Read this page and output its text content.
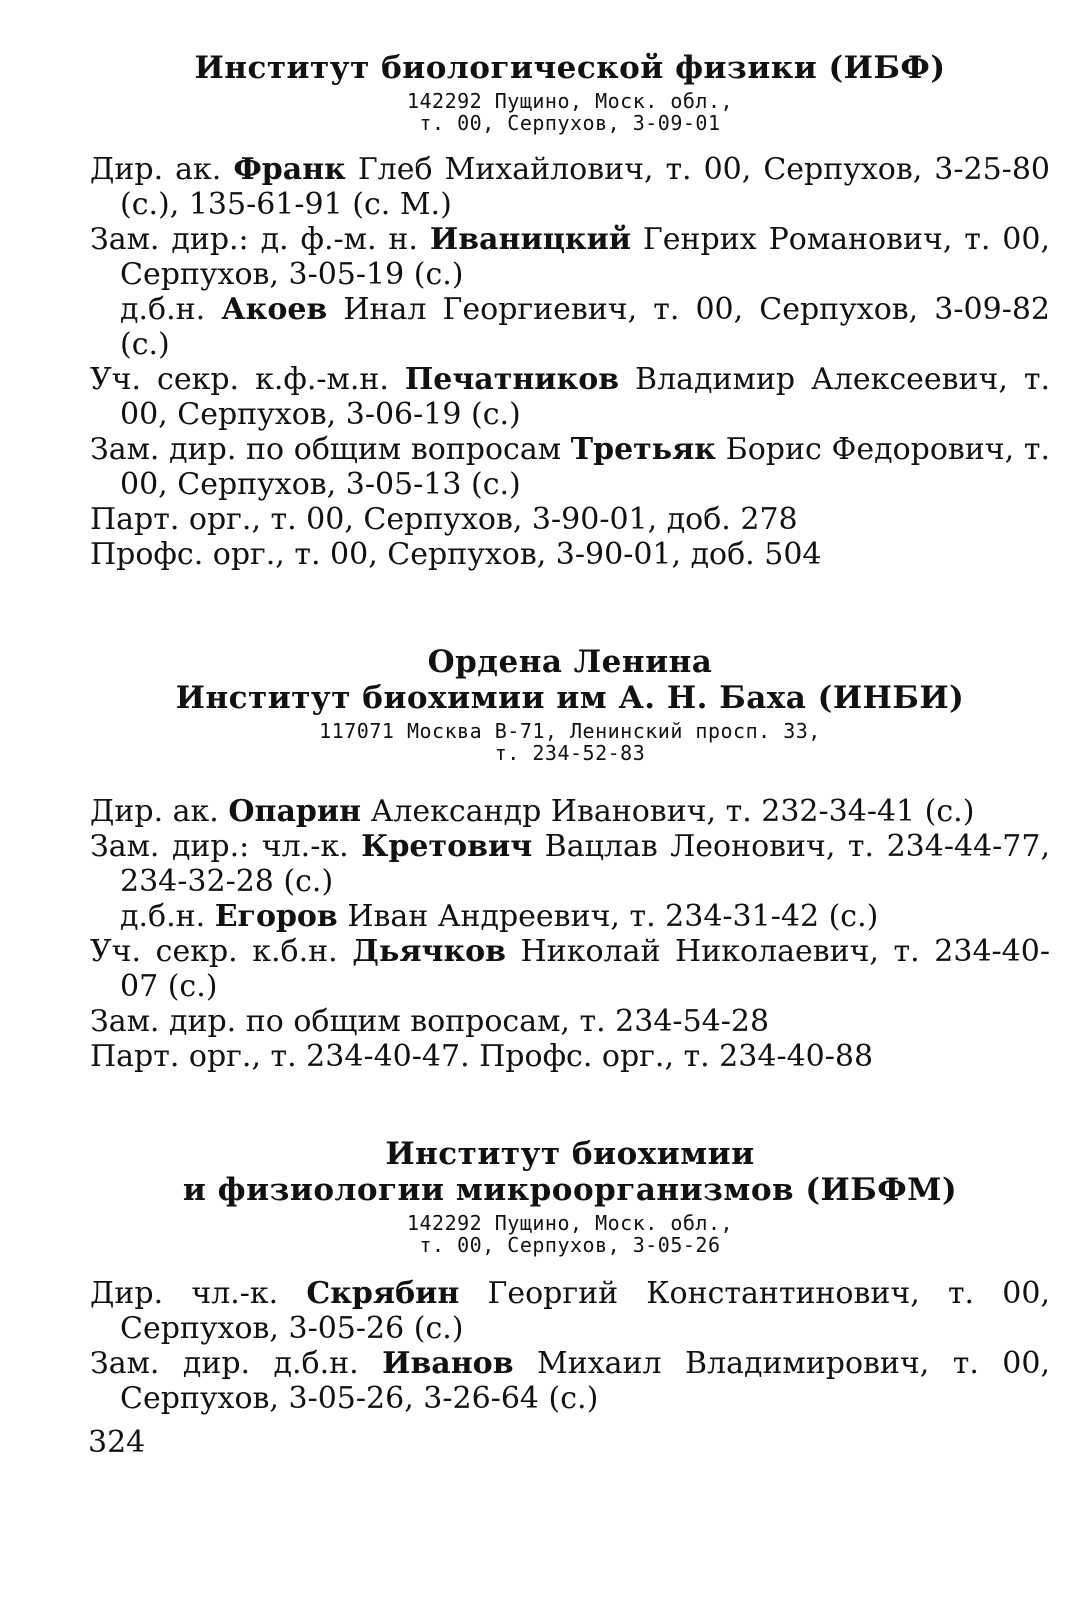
Институт биологической физики (ИБФ)
142292 Пущино, Моск. обл.,
т. 00, Серпухов, 3-09-01

Дир. ак. Франк Глеб Михайлович, т. 00, Серпухов, 3-25-80 (с.), 135-61-91 (с. М.)

Зам. дир.: д. ф.-м. н. Иваницкий Генрих Романович, т. 00, Серпухов, 3-05-19 (с.)

д.б.н. Акоев Инал Георгиевич, т. 00, Серпухов, 3-09-82 (с.)

Уч. секр. к.ф.-м.н. Печатников Владимир Алексеевич, т. 00, Серпухов, 3-06-19 (с.)

Зам. дир. по общим вопросам Третьяк Борис Федорович, т. 00, Серпухов, 3-05-13 (с.)

Парт. орг., т. 00, Серпухов, 3-90-01, доб. 278

Профс. орг., т. 00, Серпухов, 3-90-01, доб. 504

Ордена Ленина
Институт биохимии им А. Н. Баха (ИНБИ)
117071 Москва В-71, Ленинский просп. 33,
т. 234-52-83

Дир. ак. Опарин Александр Иванович, т. 232-34-41 (с.)

Зам. дир.: чл.-к. Кретович Вацлав Леонович, т. 234-44-77, 234-32-28 (с.)

д.б.н. Егоров Иван Андреевич, т. 234-31-42 (с.)

Уч. секр. к.б.н. Дьячков Николай Николаевич, т. 234-40-07 (с.)

Зам. дир. по общим вопросам, т. 234-54-28

Парт. орг., т. 234-40-47. Профс. орг., т. 234-40-88

Институт биохимии
и физиологии микроорганизмов (ИБФМ)
142292 Пущино, Моск. обл.,
т. 00, Серпухов, 3-05-26

Дир. чл.-к. Скрябин Георгий Константинович, т. 00, Серпухов, 3-05-26 (с.)

Зам. дир. д.б.н. Иванов Михаил Владимирович, т. 00, Серпухов, 3-05-26, 3-26-64 (с.)

324
